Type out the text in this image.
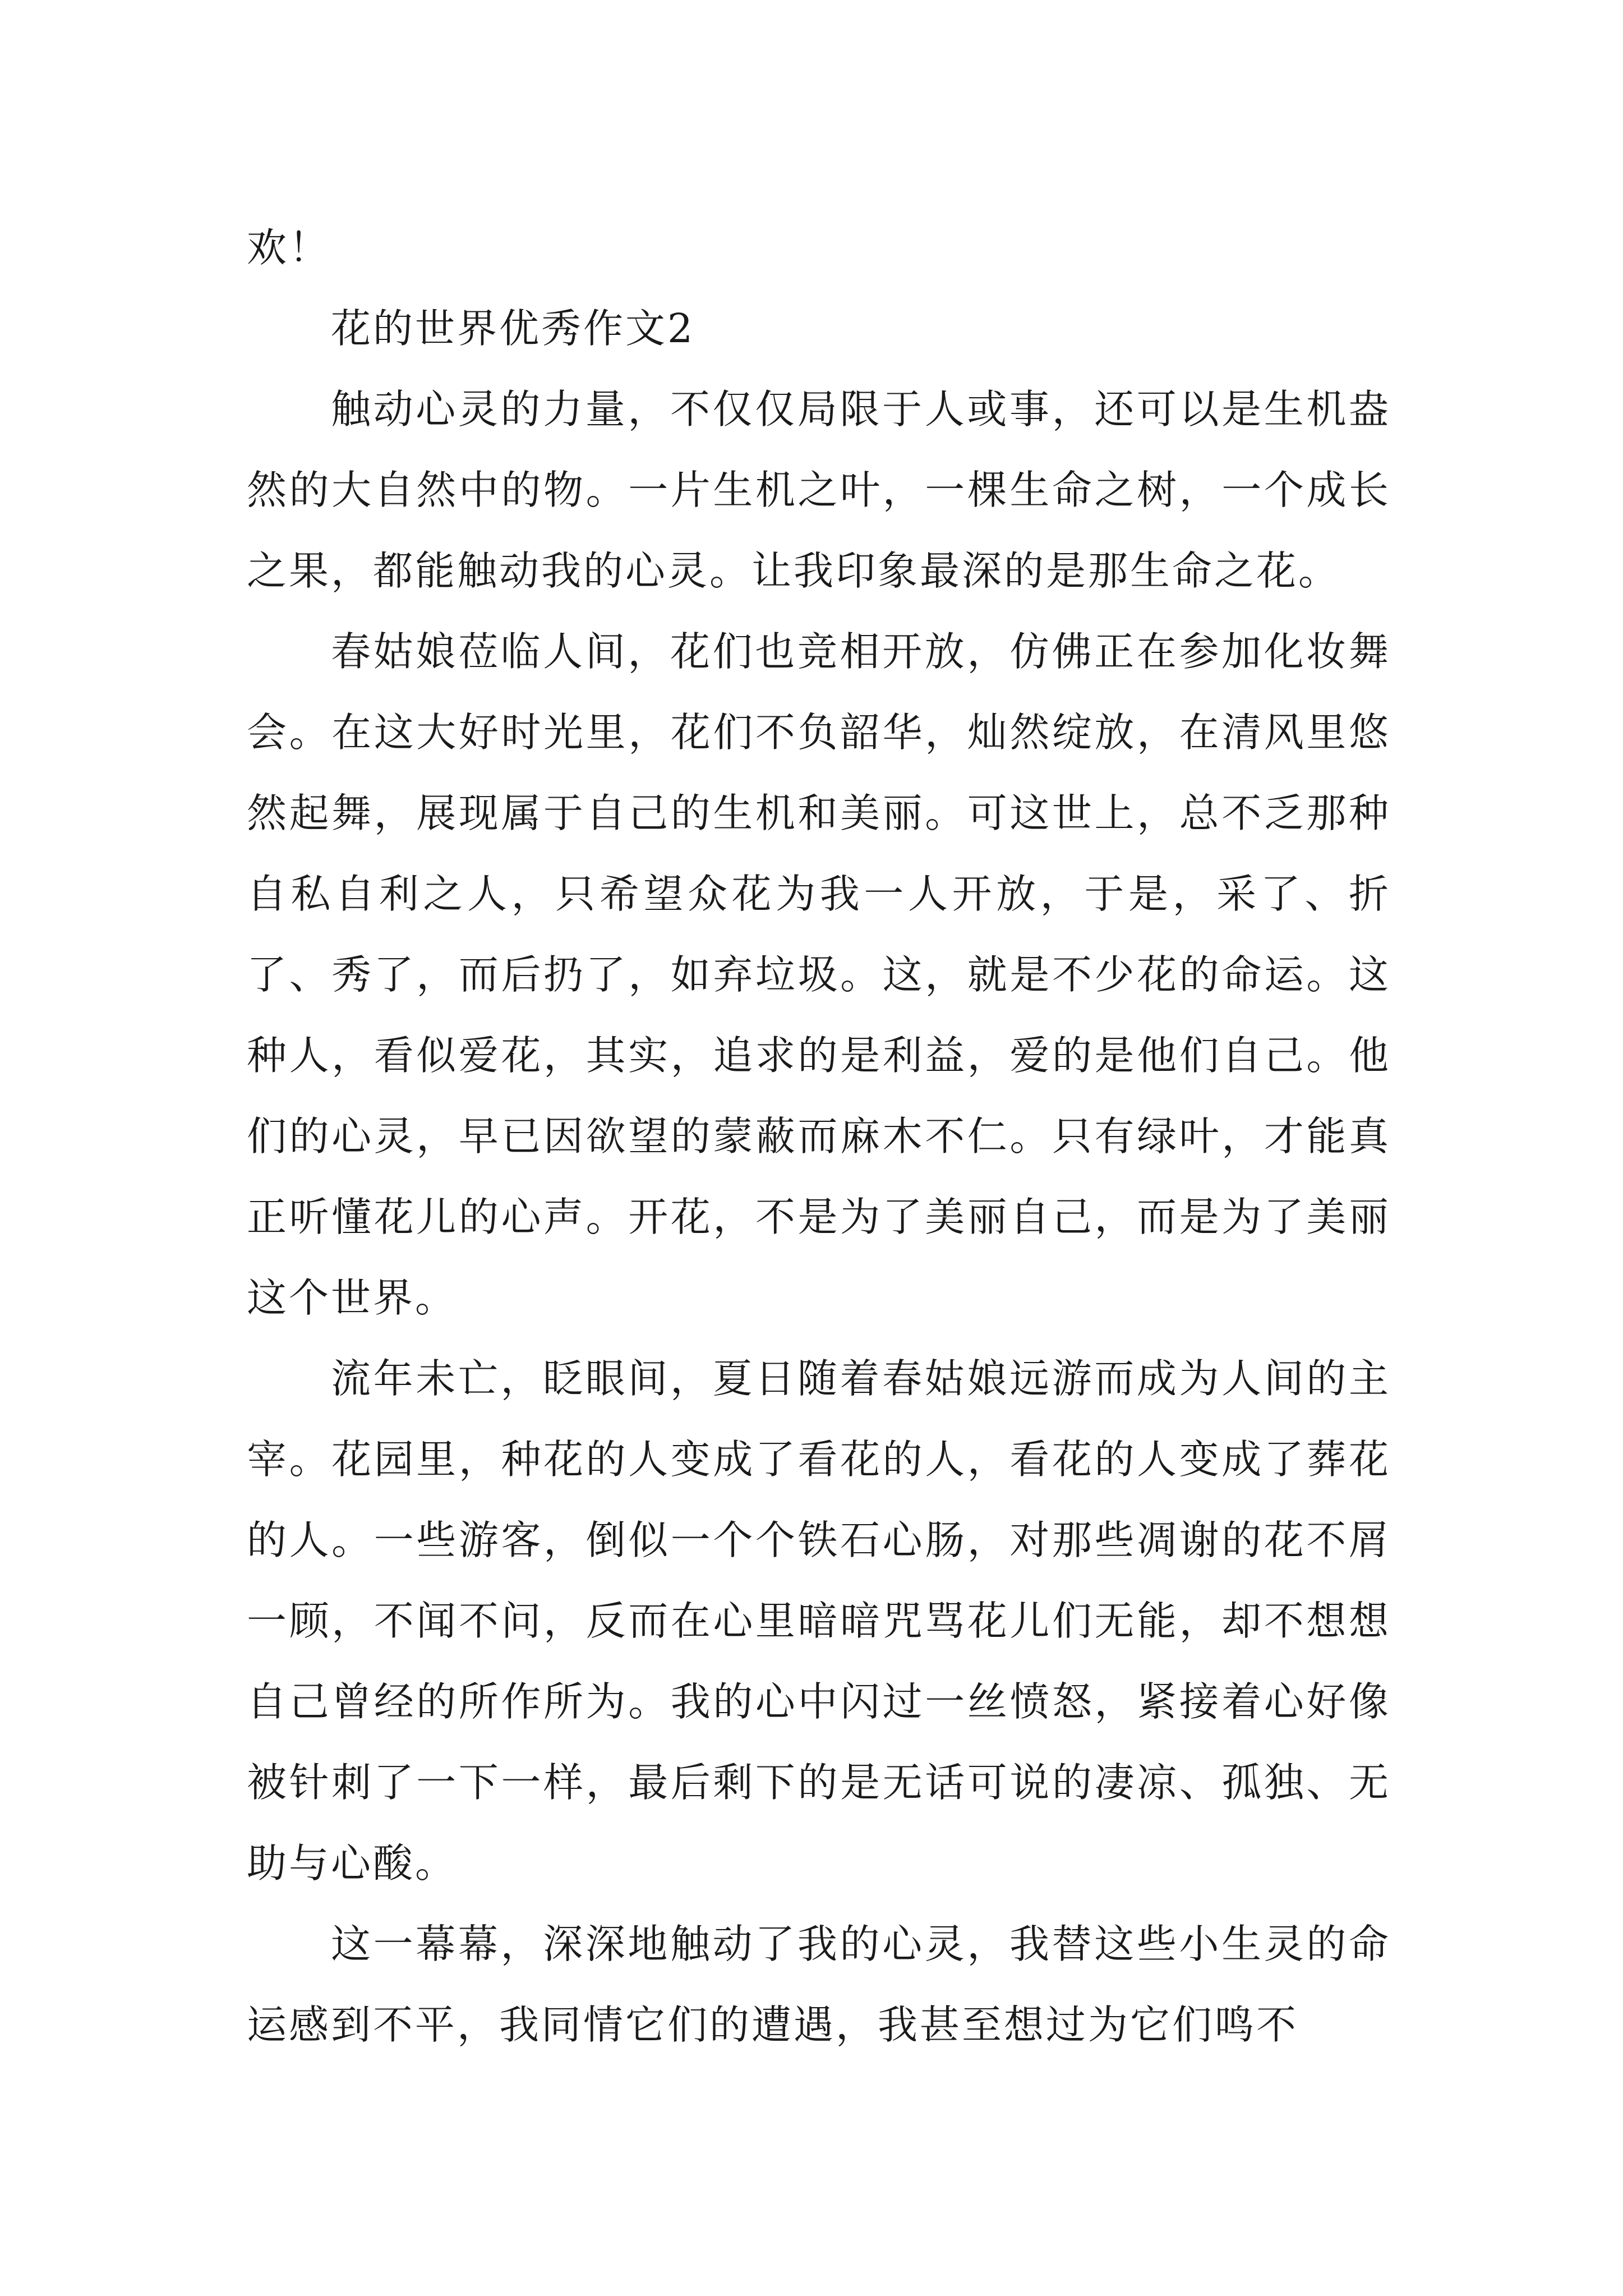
欢！

花的世界优秀作文2

触动心灵的力量，不仅仅局限于人或事，还可以是生机盎然的大自然中的物。一片生机之叶，一棵生命之树，一个成长之果，都能触动我的心灵。让我印象最深的是那生命之花。

春姑娘莅临人间，花们也竞相开放，仿佛正在参加化妆舞会。在这大好时光里，花们不负韶华，灿然绽放，在清风里悠然起舞，展现属于自己的生机和美丽。可这世上，总不乏那种自私自利之人，只希望众花为我一人开放，于是，采了、折了、秀了，而后扔了，如弃垃圾。这，就是不少花的命运。这种人，看似爱花，其实，追求的是利益，爱的是他们自己。他们的心灵，早已因欲望的蒙蔽而麻木不仁。只有绿叶，才能真正听懂花儿的心声。开花，不是为了美丽自己，而是为了美丽这个世界。

流年未亡，眨眼间，夏日随着春姑娘远游而成为人间的主宰。花园里，种花的人变成了看花的人，看花的人变成了葬花的人。一些游客，倒似一个个铁石心肠，对那些凋谢的花不屑一顾，不闻不问，反而在心里暗暗咒骂花儿们无能，却不想想自己曾经的所作所为。我的心中闪过一丝愤怒，紧接着心好像被针刺了一下一样，最后剩下的是无话可说的凄凉、孤独、无助与心酸。

这一幕幕，深深地触动了我的心灵，我替这些小生灵的命运感到不平，我同情它们的遭遇，我甚至想过为它们鸣不
